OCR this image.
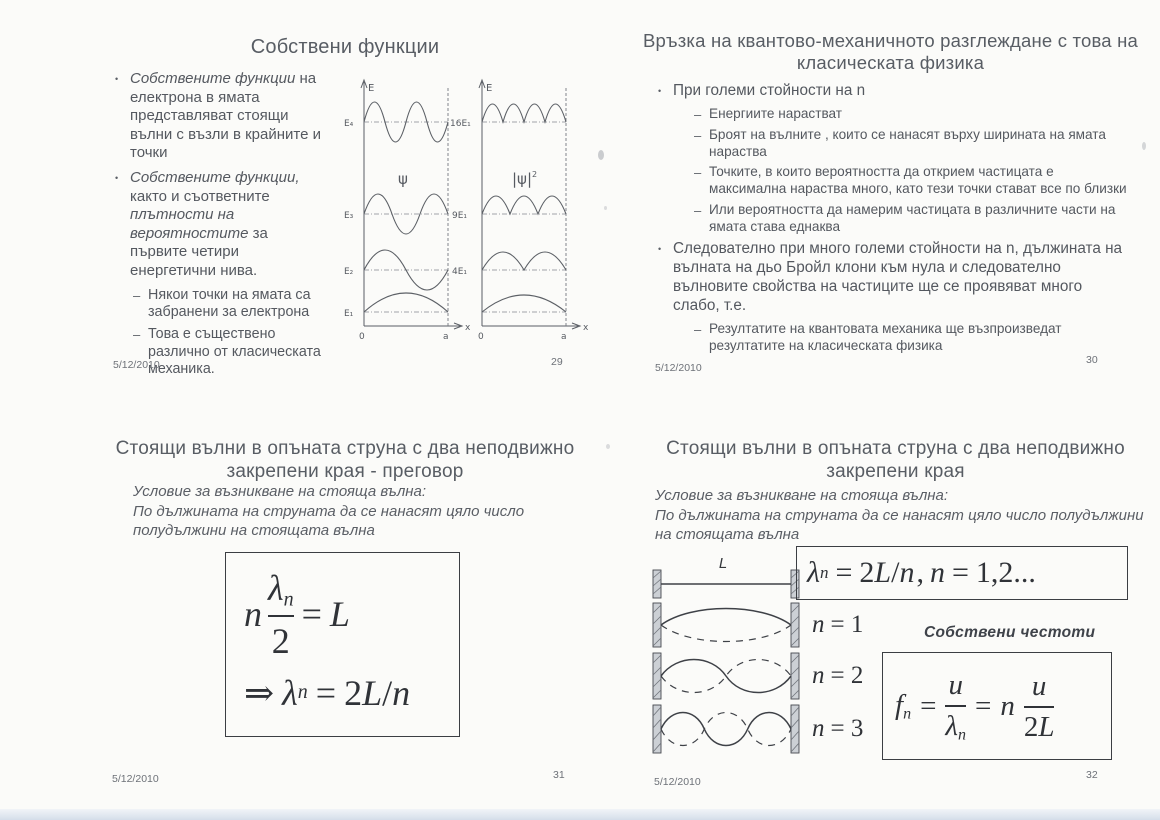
Собствени функции
• Собствените функции на електрона в ямата представляват стоящи вълни с възли в крайните и точки

• Собствените функции, както и съответните плътности на вероятностите за първите четири енергетични нива.

– Някои точки на ямата са забранени за електрона

– Това е съществено различно от класическата механика.

E
x
0	a
E₄
E₃
E₂
E₁
16E₁
9E₁
4E₁
ψ
E
x
0	a
$|\psi|^2$
5/12/2010	29
Връзка на квантово-механичното разглеждане с това на
класическата физика
• При големи стойности на n

– Енергиите нарастват

– Броят на вълните , които се нанасят върху ширината на ямата нараства

– Точките, в които вероятността да открием частицата е максимална нараства много, като тези точки стават все по близки

– Или вероятността да намерим частицата в различните части на ямата става еднаква

• Следователно при много големи стойности на n, дължината на вълната на дьо Бройл клони към нула и следователно вълновите свойства на частиците ще се проявяват много слабо, т.е.

– Резултатите на квантовата механика ще възпроизведат резултатите на класическата физика

5/12/2010
30
Стоящи вълни в опъната струна с два неподвижно
закрепени края - преговор
Условие за възникване на стояща вълна:
По дължината на струната да се нанасят цяло число
полудължини на стоящата вълна
n $\frac{\lambda n}{2} = L$
⇒ λ n = 2 L / n
5/12/2010	31
Стоящи вълни в опъната струна с два неподвижно
закрепени края
Условие за възникване на стояща вълна:
По дължината на струната да се нанасят цяло число полудължини
на стоящата вълна
L
n = 1
n = 2
n = 3
λ n = 2 L / n , n = 1,2...
Собствени честоти
fn = $\frac{u}{\lambda n} = n \frac{u}{2L}$
5/12/2010
32
